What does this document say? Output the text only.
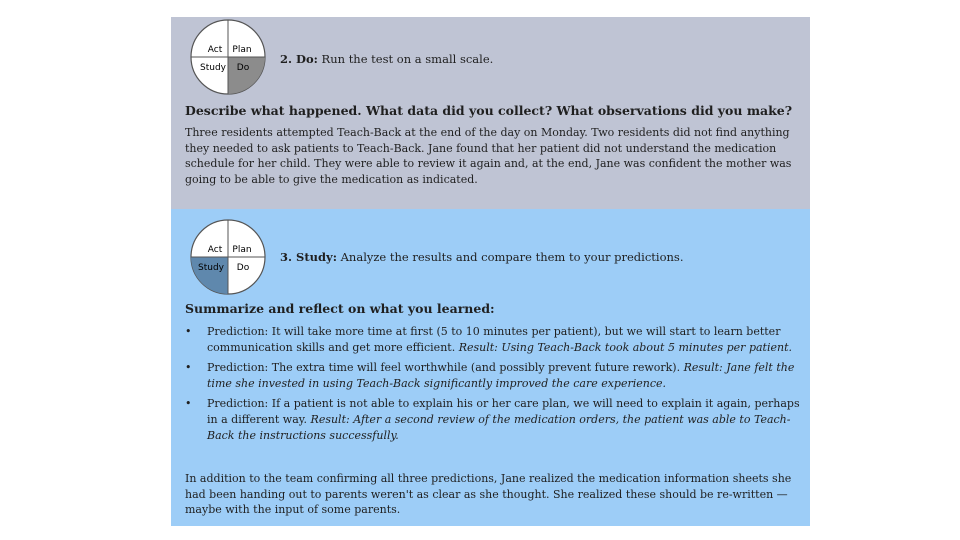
Act Plan
Study Do
2. Do: Run the test on a small scale.
Describe what happened. What data did you collect? What observations did you make?

Three residents attempted Teach-Back at the end of the day on Monday. Two residents did not find anything they needed to ask patients to Teach-Back. Jane found that her patient did not understand the medication schedule for her child. They were able to review it again and, at the end, Jane was confident the mother was going to be able to give the medication as indicated.

Act Plan
Study Do
3. Study: Analyze the results and compare them to your predictions.
Summarize and reflect on what you learned:
• Prediction: It will take more time at first (5 to 10 minutes per patient), but we will start to learn better communication skills and get more efficient. Result: Using Teach-Back took about 5 minutes per patient.
• Prediction: The extra time will feel worthwhile (and possibly prevent future rework). Result: Jane felt the time she invested in using Teach-Back significantly improved the care experience.
• Prediction: If a patient is not able to explain his or her care plan, we will need to explain it again, perhaps in a different way. Result: After a second review of the medication orders, the patient was able to Teach-Back the instructions successfully.

In addition to the team confirming all three predictions, Jane realized the medication information sheets she had been handing out to parents weren't as clear as she thought. She realized these should be re-written — maybe with the input of some parents.
